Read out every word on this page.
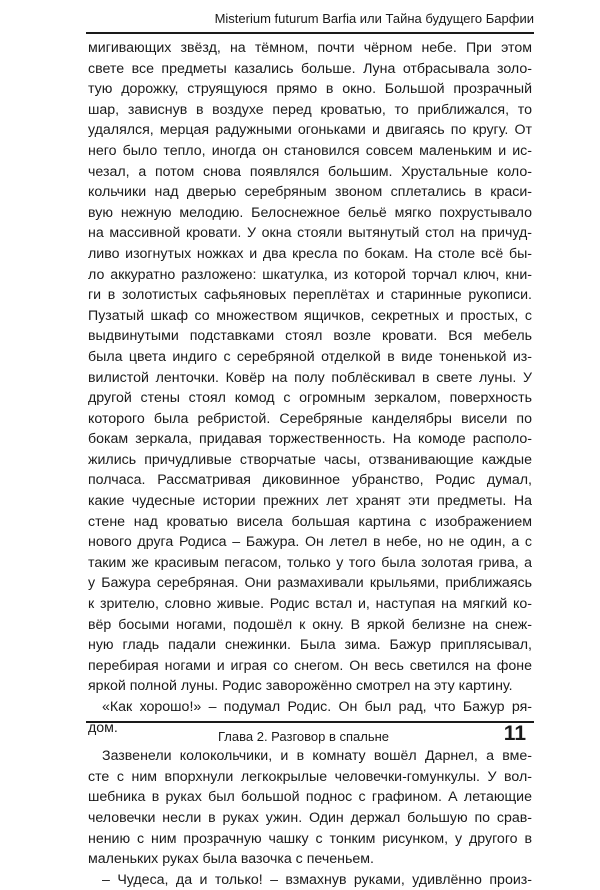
Misterium futurum Barfia или Тайна будущего Барфии
мигивающих звёзд, на тёмном, почти чёрном небе. При этом
свете все предметы казались больше. Луна отбрасывала золо-
тую дорожку, струящуюся прямо в окно. Большой прозрачный
шар, зависнув в воздухе перед кроватью, то приближался, то
удалялся, мерцая радужными огоньками и двигаясь по кругу. От
него было тепло, иногда он становился совсем маленьким и ис-
чезал, а потом снова появлялся большим. Хрустальные коло-
кольчики над дверью серебряным звоном сплетались в краси-
вую нежную мелодию. Белоснежное бельё мягко похрустывало
на массивной кровати. У окна стояли вытянутый стол на причуд-
ливо изогнутых ножках и два кресла по бокам. На столе всё бы-
ло аккуратно разложено: шкатулка, из которой торчал ключ, кни-
ги в золотистых сафьяновых переплётах и старинные рукописи.
Пузатый шкаф со множеством ящичков, секретных и простых, с
выдвинутыми подставками стоял возле кровати. Вся мебель
была цвета индиго с серебряной отделкой в виде тоненькой из-
вилистой ленточки. Ковёр на полу поблёскивал в свете луны. У
другой стены стоял комод с огромным зеркалом, поверхность
которого была ребристой. Серебряные канделябры висели по
бокам зеркала, придавая торжественность. На комоде располо-
жились причудливые створчатые часы, отзванивающие каждые
полчаса. Рассматривая диковинное убранство, Родис думал,
какие чудесные истории прежних лет хранят эти предметы. На
стене над кроватью висела большая картина с изображением
нового друга Родиса – Бажура. Он летел в небе, но не один, а с
таким же красивым пегасом, только у того была золотая грива, а
у Бажура серебряная. Они размахивали крыльями, приближаясь
к зрителю, словно живые. Родис встал и, наступая на мягкий ко-
вёр босыми ногами, подошёл к окну. В яркой белизне на снеж-
ную гладь падали снежинки. Была зима. Бажур приплясывал,
перебирая ногами и играя со снегом. Он весь светился на фоне
яркой полной луны. Родис заворожённо смотрел на эту картину.
«Как хорошо!» – подумал Родис. Он был рад, что Бажур ря-
дом.
Зазвенели колокольчики, и в комнату вошёл Дарнел, а вме-
сте с ним впорхнули легкокрылые человечки-гомункулы. У вол-
шебника в руках был большой поднос с графином. А летающие
человечки несли в руках ужин. Один держал большую по срав-
нению с ним прозрачную чашку с тонким рисунком, у другого в
маленьких руках была вазочка с печеньем.
– Чудеса, да и только! – взмахнув руками, удивлённо произ-
Глава 2. Разговор в спальне	11
